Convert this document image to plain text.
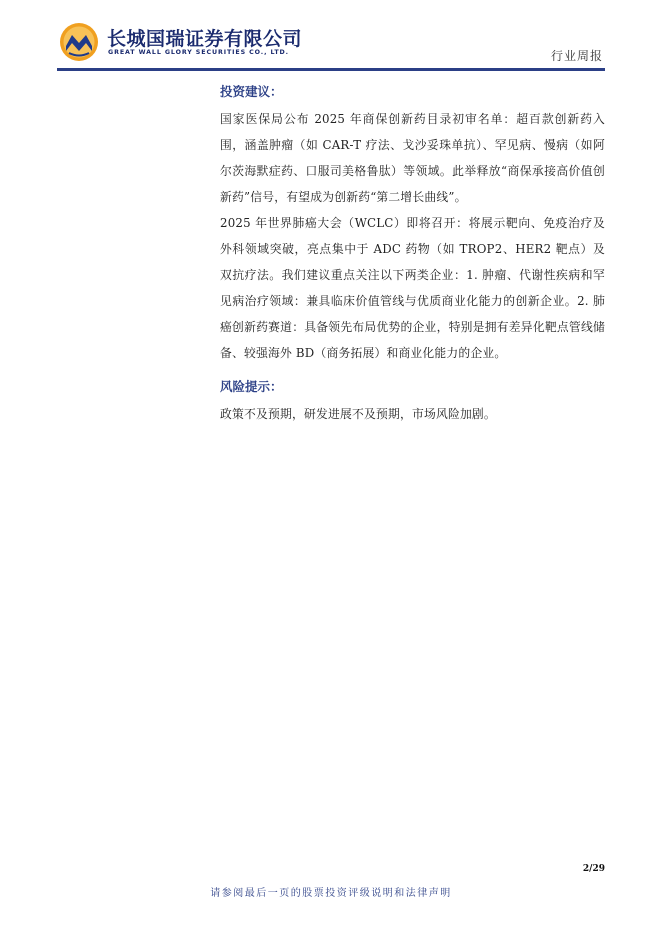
长城国瑞证券有限公司
GREAT WALL GLORY SECURITIES CO., LTD.	行业周报
投资建议：

国家医保局公布 2025 年商保创新药目录初审名单：超百款创新药入围，涵盖肿瘤（如 CAR-T 疗法、戈沙妥珠单抗）、罕见病、慢病（如阿尔茨海默症药、口服司美格鲁肽）等领域。此举释放“商保承接高价值创新药”信号，有望成为创新药“第二增长曲线”。

2025 年世界肺癌大会（WCLC）即将召开：将展示靶向、免疫治疗及外科领域突破，亮点集中于 ADC 药物（如 TROP2、HER2 靶点）及双抗疗法。我们建议重点关注以下两类企业：1. 肿瘤、代谢性疾病和罕见病治疗领域：兼具临床价值管线与优质商业化能力的创新企业。2. 肺癌创新药赛道：具备领先布局优势的企业，特别是拥有差异化靶点管线储备、较强海外 BD（商务拓展）和商业化能力的企业。

风险提示：

政策不及预期，研发进展不及预期，市场风险加剧。

2/29
请参阅最后一页的股票投资评级说明和法律声明
